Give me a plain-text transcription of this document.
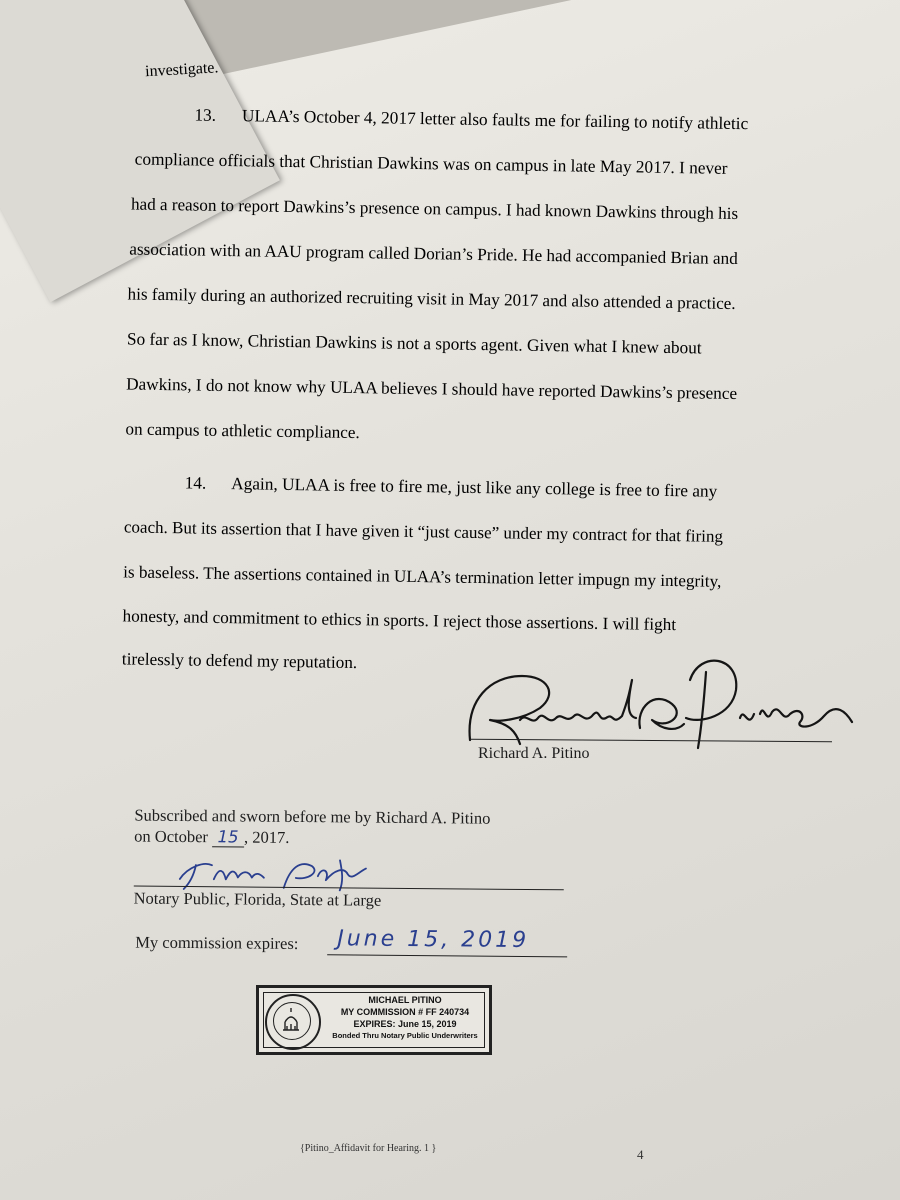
investigate.
13.      ULAA’s October 4, 2017 letter also faults me for failing to notify athletic
compliance officials that Christian Dawkins was on campus in late May 2017. I never
had a reason to report Dawkins’s presence on campus. I had known Dawkins through his
association with an AAU program called Dorian’s Pride. He had accompanied Brian and
his family during an authorized recruiting visit in May 2017 and also attended a practice.
So far as I know, Christian Dawkins is not a sports agent. Given what I knew about
Dawkins, I do not know why ULAA believes I should have reported Dawkins’s presence
on campus to athletic compliance.
14.      Again, ULAA is free to fire me, just like any college is free to fire any
coach. But its assertion that I have given it “just cause” under my contract for that firing
is baseless. The assertions contained in ULAA’s termination letter impugn my integrity,
honesty, and commitment to ethics in sports. I reject those assertions. I will fight
tirelessly to defend my reputation.
Richard A. Pitino
Subscribed and sworn before me by Richard A. Pitino
on October 15 , 2017.
Notary Public, Florida, State at Large
My commission expires: June 15, 2019
MICHAEL PITINO
MY COMMISSION # FF 240734
EXPIRES: June 15, 2019
Bonded Thru Notary Public Underwriters
{Pitino_Affidavit for Hearing. 1 }	4
